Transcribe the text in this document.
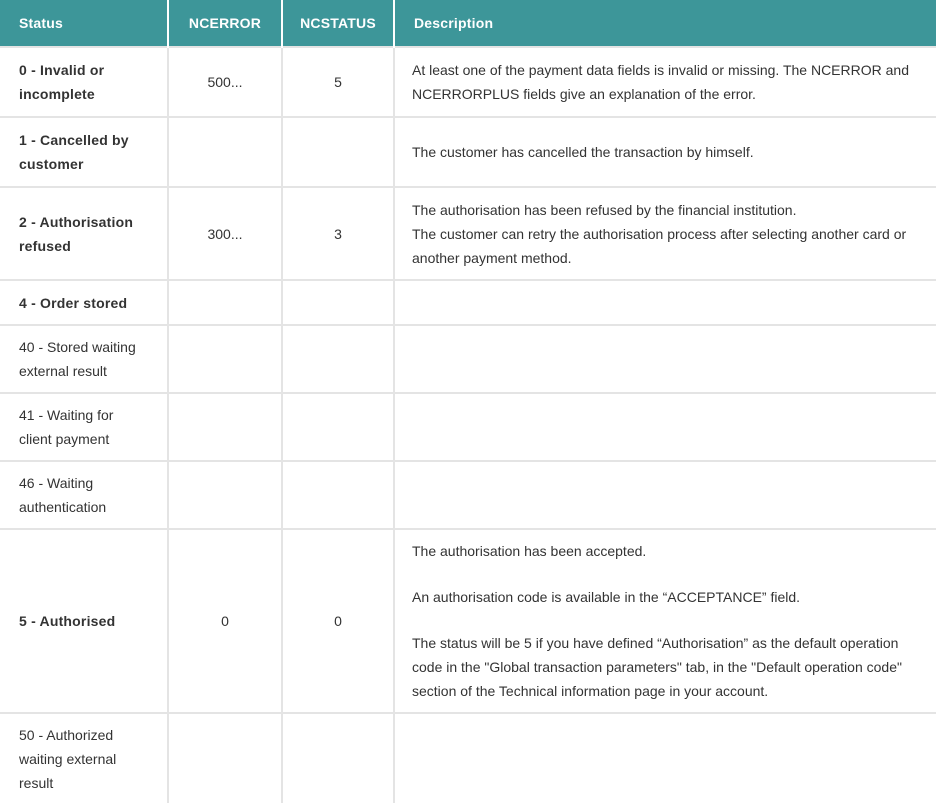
Status	NCERROR	NCSTATUS	Description
0 - Invalid or incomplete	500...	5	At least one of the payment data fields is invalid or missing. The NCERROR and NCERRORPLUS fields give an explanation of the error.

1 - Cancelled by customer			The customer has cancelled the transaction by himself.

2 - Authorisation refused	300...	3	The authorisation has been refused by the financial institution.

The customer can retry the authorisation process after selecting another card or another payment method.

4 - Order stored			
40 - Stored waiting external result			
41 - Waiting for client payment			
46 - Waiting authentication			
5 - Authorised	0	0	The authorisation has been accepted.

An authorisation code is available in the “ACCEPTANCE” field.

The status will be 5 if you have defined “Authorisation” as the default operation code in the "Global transaction parameters" tab, in the "Default operation code" section of the Technical information page in your account.

50 - Authorized waiting external result			
